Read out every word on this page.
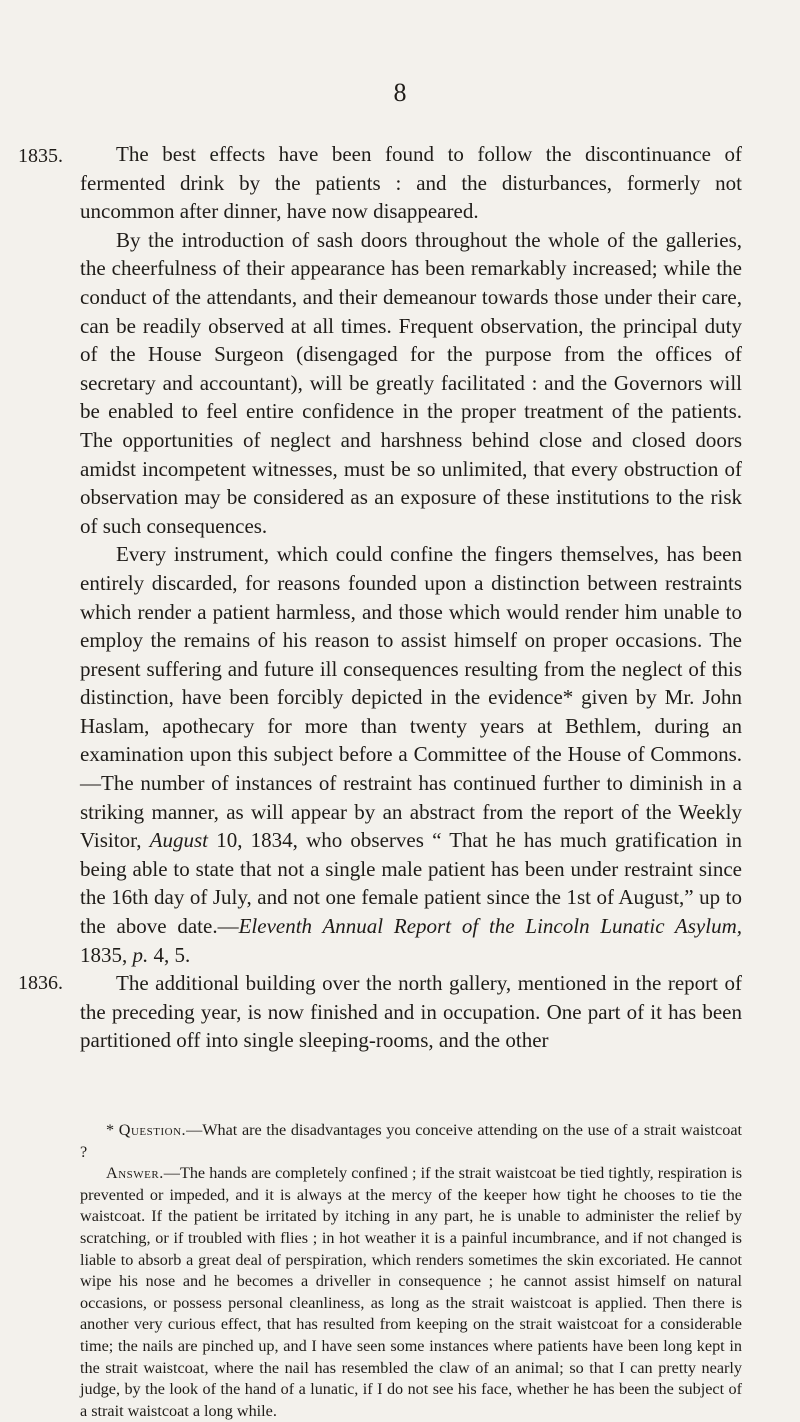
8

1835.	The best effects have been found to follow the discontinuance of fermented drink by the patients : and the disturbances, formerly not uncommon after dinner, have now disappeared.

By the introduction of sash doors throughout the whole of the galleries, the cheerfulness of their appearance has been remarkably increased; while the conduct of the attendants, and their demeanour towards those under their care, can be readily observed at all times. Frequent observation, the principal duty of the House Surgeon (disengaged for the purpose from the offices of secretary and accountant), will be greatly facilitated : and the Governors will be enabled to feel entire confidence in the proper treatment of the patients. The opportunities of neglect and harshness behind close and closed doors amidst incompetent witnesses, must be so unlimited, that every obstruction of observation may be considered as an exposure of these institutions to the risk of such consequences.

Every instrument, which could confine the fingers themselves, has been entirely discarded, for reasons founded upon a distinction between restraints which render a patient harmless, and those which would render him unable to employ the remains of his reason to assist himself on proper occasions. The present suffering and future ill consequences resulting from the neglect of this distinction, have been forcibly depicted in the evidence* given by Mr. John Haslam, apothecary for more than twenty years at Bethlem, during an examination upon this subject before a Committee of the House of Commons.—The number of instances of restraint has continued further to diminish in a striking manner, as will appear by an abstract from the report of the Weekly Visitor, August 10, 1834, who observes “ That he has much gratification in being able to state that not a single male patient has been under restraint since the 16th day of July, and not one female patient since the 1st of August,” up to the above date.—Eleventh Annual Report of the Lincoln Lunatic Asylum, 1835, p. 4, 5.

1836.	The additional building over the north gallery, mentioned in the report of the preceding year, is now finished and in occupation. One part of it has been partitioned off into single sleeping-rooms, and the other

* Question.—What are the disadvantages you conceive attending on the use of a strait waistcoat ?

Answer.—The hands are completely confined ; if the strait waistcoat be tied tightly, respiration is prevented or impeded, and it is always at the mercy of the keeper how tight he chooses to tie the waistcoat. If the patient be irritated by itching in any part, he is unable to administer the relief by scratching, or if troubled with flies ; in hot weather it is a painful incumbrance, and if not changed is liable to absorb a great deal of perspiration, which renders sometimes the skin excoriated. He cannot wipe his nose and he becomes a driveller in consequence ; he cannot assist himself on natural occasions, or possess personal cleanliness, as long as the strait waistcoat is applied. Then there is another very curious effect, that has resulted from keeping on the strait waistcoat for a considerable time; the nails are pinched up, and I have seen some instances where patients have been long kept in the strait waistcoat, where the nail has resembled the claw of an animal; so that I can pretty nearly judge, by the look of the hand of a lunatic, if I do not see his face, whether he has been the subject of a strait waistcoat a long while.
